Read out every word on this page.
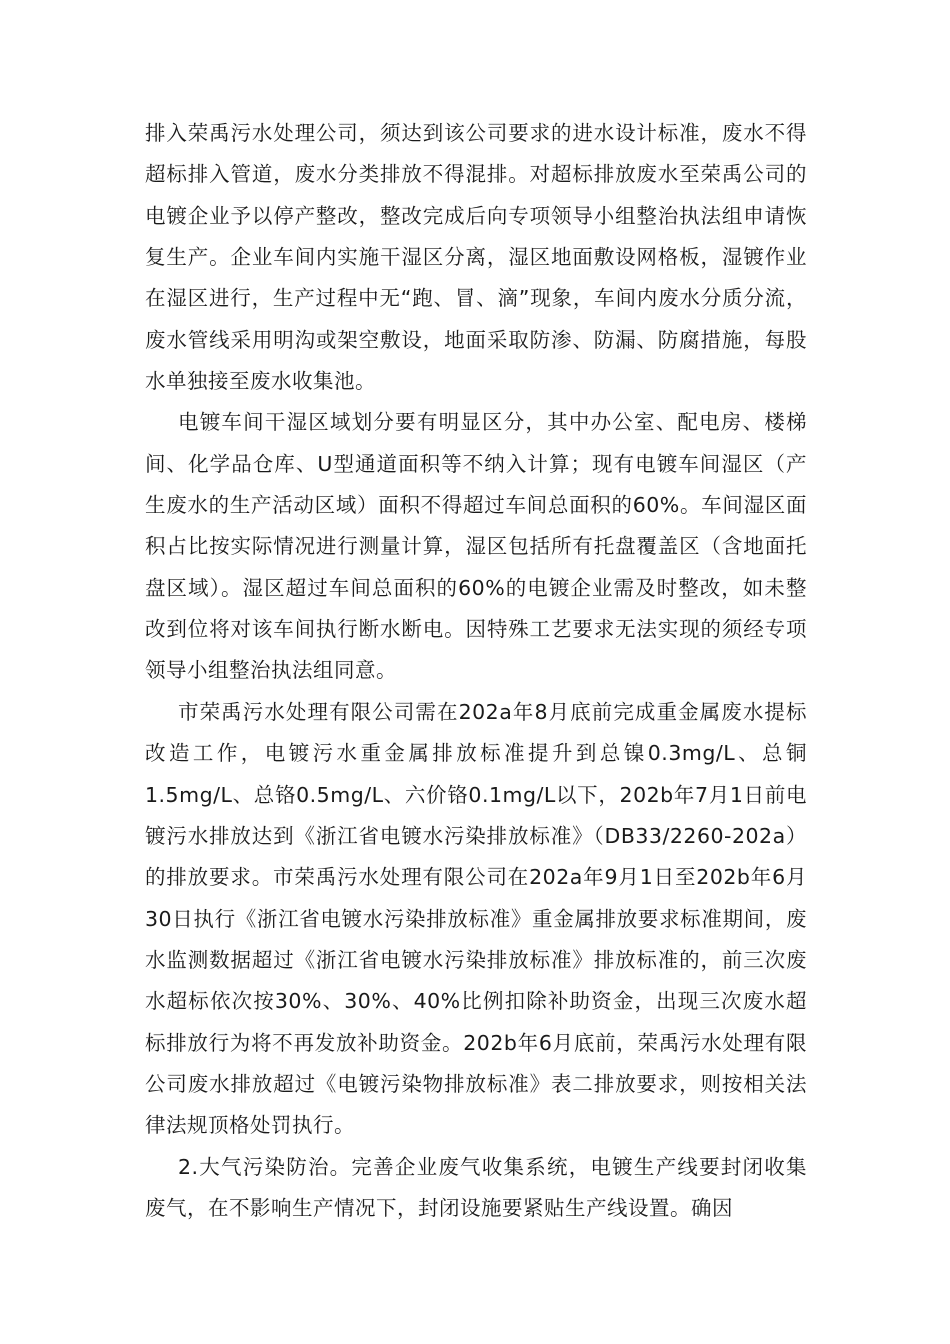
排入荣禹污水处理公司，须达到该公司要求的进水设计标准，废水不得超标排入管道，废水分类排放不得混排。对超标排放废水至荣禹公司的电镀企业予以停产整改，整改完成后向专项领导小组整治执法组申请恢复生产。企业车间内实施干湿区分离，湿区地面敷设网格板，湿镀作业在湿区进行，生产过程中无“跑、冒、滴”现象，车间内废水分质分流，废水管线采用明沟或架空敷设，地面采取防渗、防漏、防腐措施，每股水单独接至废水收集池。

电镀车间干湿区域划分要有明显区分，其中办公室、配电房、楼梯间、化学品仓库、U型通道面积等不纳入计算；现有电镀车间湿区（产生废水的生产活动区域）面积不得超过车间总面积的60%。车间湿区面积占比按实际情况进行测量计算，湿区包括所有托盘覆盖区（含地面托盘区域）。湿区超过车间总面积的60%的电镀企业需及时整改，如未整改到位将对该车间执行断水断电。因特殊工艺要求无法实现的须经专项领导小组整治执法组同意。

市荣禹污水处理有限公司需在202a年8月底前完成重金属废水提标改造工作，电镀污水重金属排放标准提升到总镍0.3mg/L、总铜1.5mg/L、总铬0.5mg/L、六价铬0.1mg/L以下，202b年7月1日前电镀污水排放达到《浙江省电镀水污染排放标准》（DB33/2260-202a）的排放要求。市荣禹污水处理有限公司在202a年9月1日至202b年6月30日执行《浙江省电镀水污染排放标准》重金属排放要求标准期间，废水监测数据超过《浙江省电镀水污染排放标准》排放标准的，前三次废水超标依次按30%、30%、40%比例扣除补助资金，出现三次废水超标排放行为将不再发放补助资金。202b年6月底前，荣禹污水处理有限公司废水排放超过《电镀污染物排放标准》表二排放要求，则按相关法律法规顶格处罚执行。

2.大气污染防治。完善企业废气收集系统，电镀生产线要封闭收集废气，在不影响生产情况下，封闭设施要紧贴生产线设置。确因
